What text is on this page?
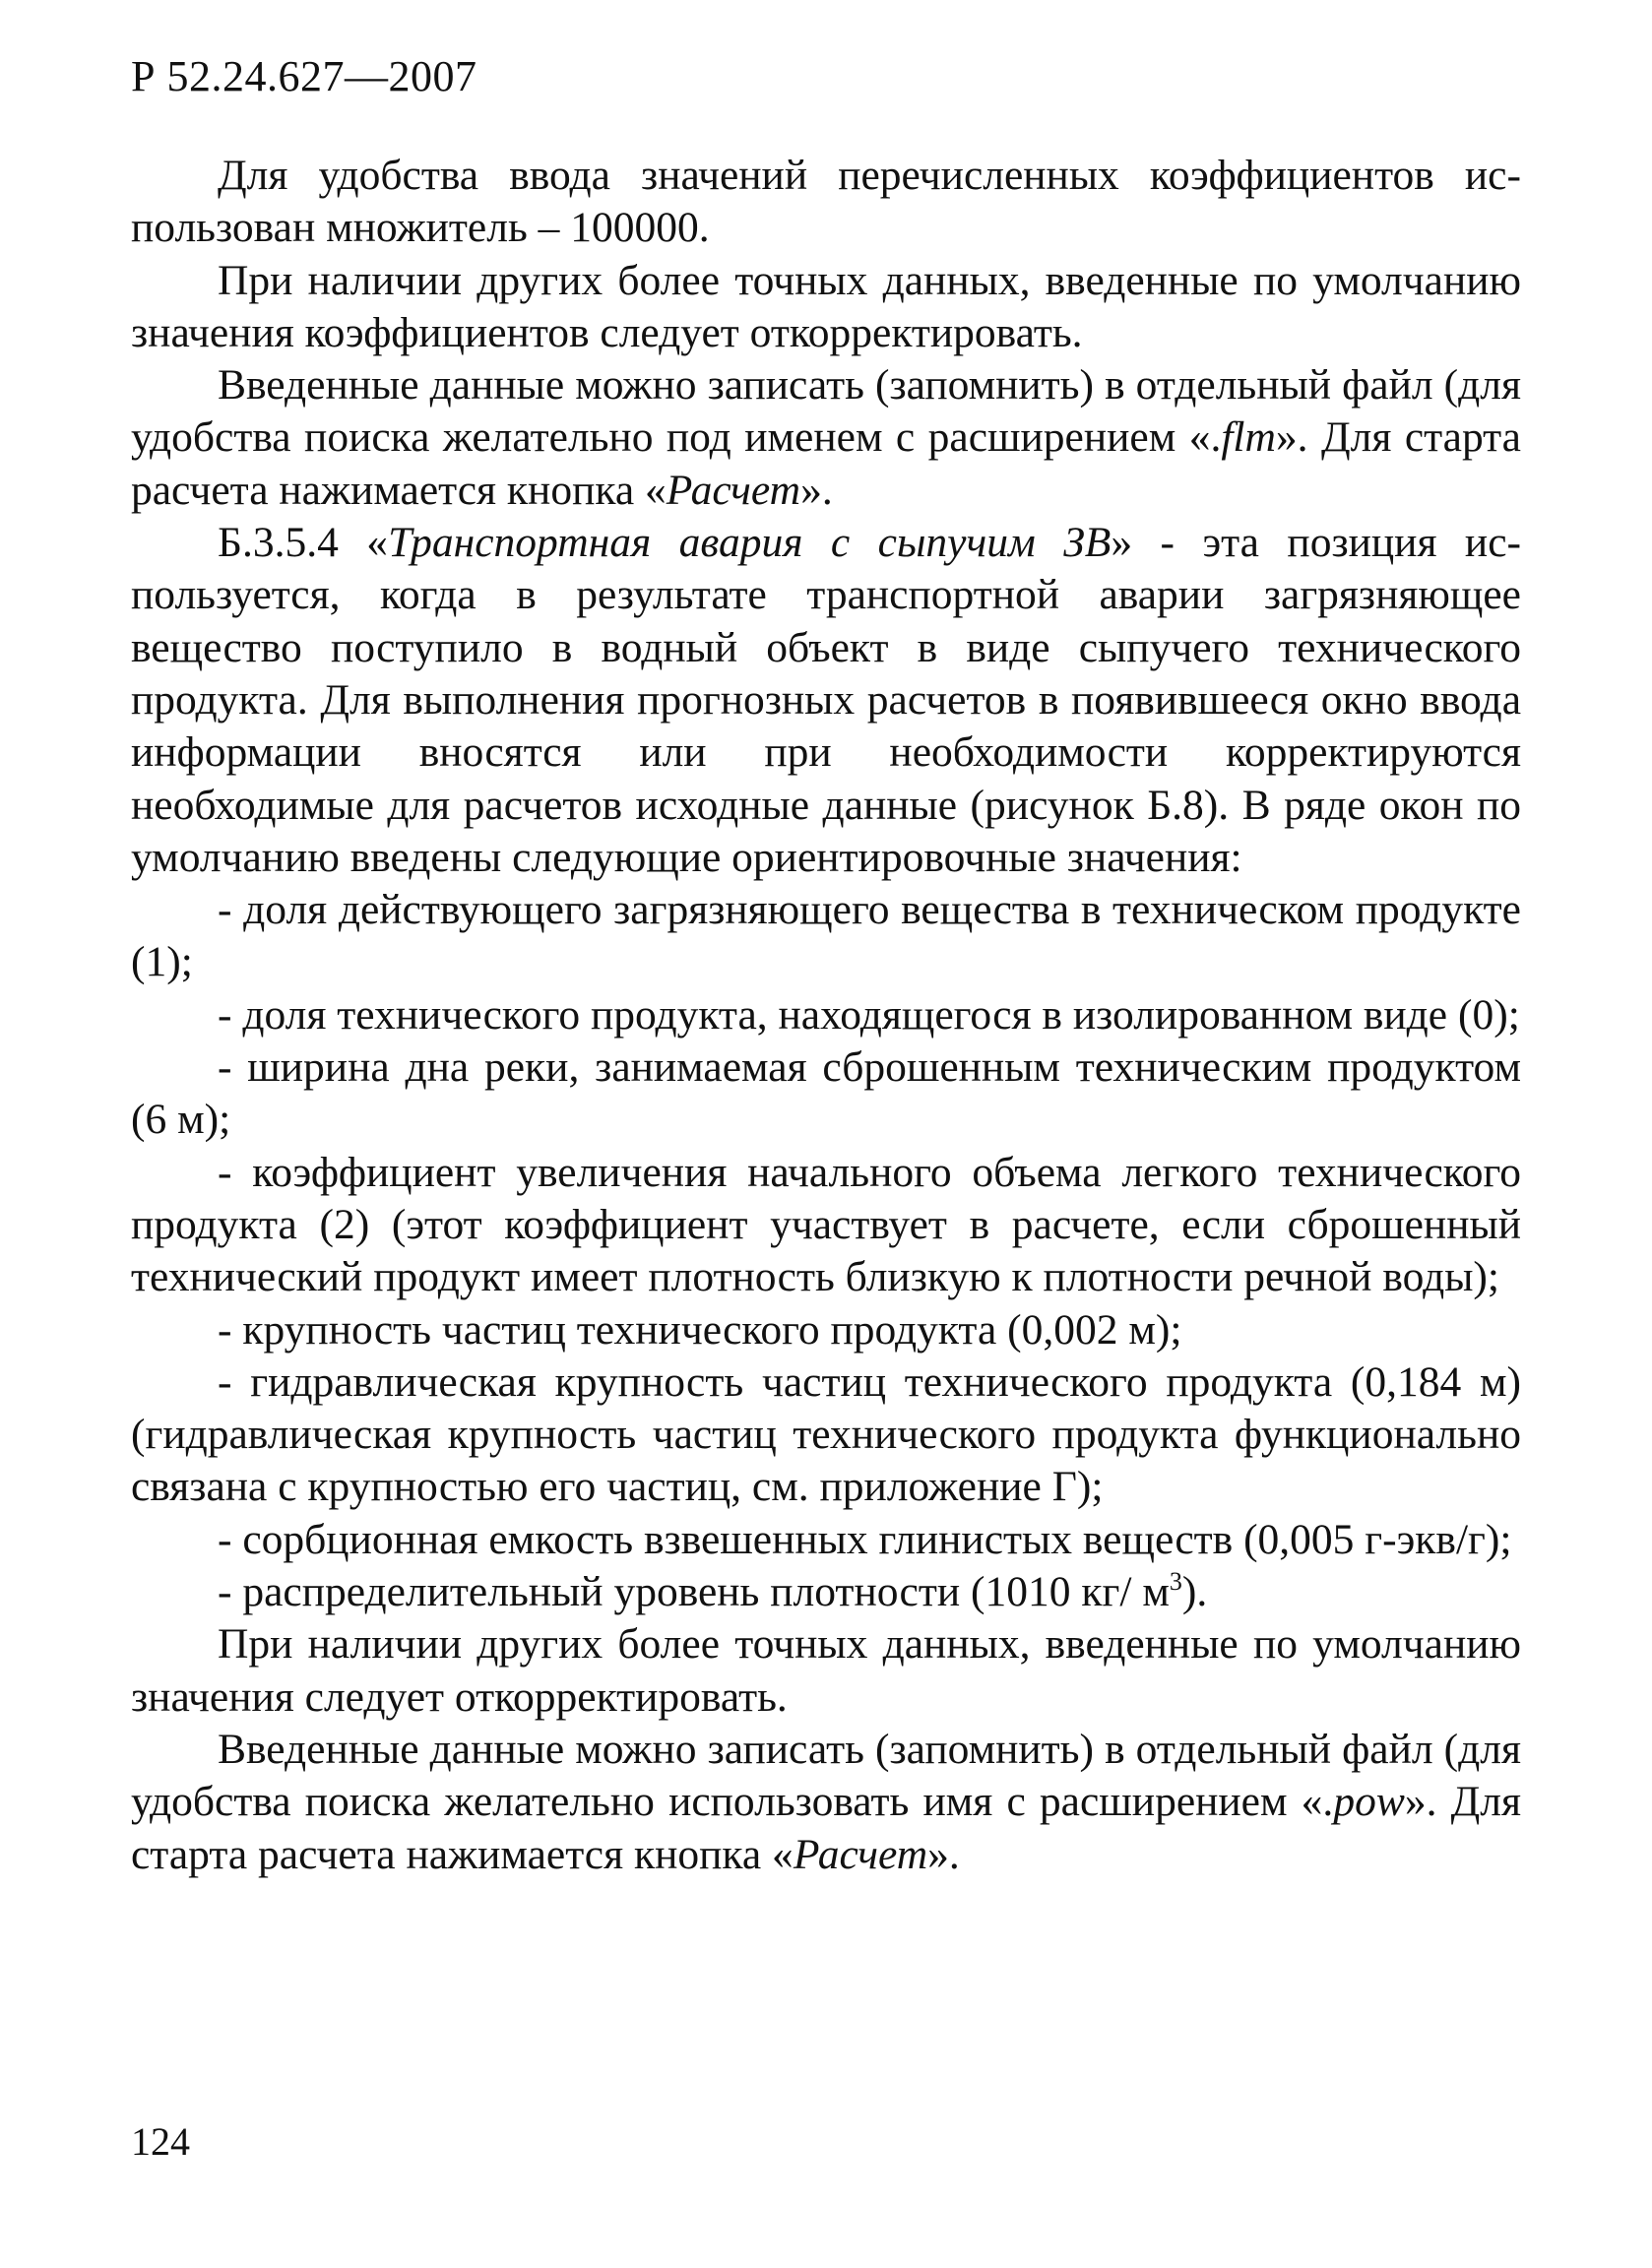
Р 52.24.627—2007

Для удобства ввода значений перечисленных коэффициентов использован множитель – 100000.

При наличии других более точных данных, введенные по умолчанию значения коэффициентов следует откорректировать.

Введенные данные можно записать (запомнить) в отдельный файл (для удобства поиска желательно под именем с расширением «.flm». Для старта расчета нажимается кнопка «Расчет».

Б.3.5.4 «Транспортная авария с сыпучим ЗВ» - эта позиция используется, когда в результате транспортной аварии загрязняющее вещество поступило в водный объект в виде сыпучего технического продукта. Для выполнения прогнозных расчетов в появившееся окно ввода информации вносятся или при необходимости корректируются необходимые для расчетов исходные данные (рисунок Б.8). В ряде окон по умолчанию введены следующие ориентировочные значения:

- доля действующего загрязняющего вещества в техническом продукте (1);

- доля технического продукта, находящегося в изолированном виде (0);

- ширина дна реки, занимаемая сброшенным техническим продуктом (6 м);

- коэффициент увеличения начального объема легкого технического продукта (2) (этот коэффициент участвует в расчете, если сброшенный технический продукт имеет плотность близкую к плотности речной воды);

- крупность частиц технического продукта (0,002 м);

- гидравлическая крупность частиц технического продукта (0,184 м) (гидравлическая крупность частиц технического продукта функционально связана с крупностью его частиц, см. приложение Г);

- сорбционная емкость взвешенных глинистых веществ (0,005 г-экв/г);

- распределительный уровень плотности (1010 кг/ $м^3$).

При наличии других более точных данных, введенные по умолчанию значения следует откорректировать.

Введенные данные можно записать (запомнить) в отдельный файл (для удобства поиска желательно использовать имя с расширением «.pow». Для старта расчета нажимается кнопка «Расчет».

124
